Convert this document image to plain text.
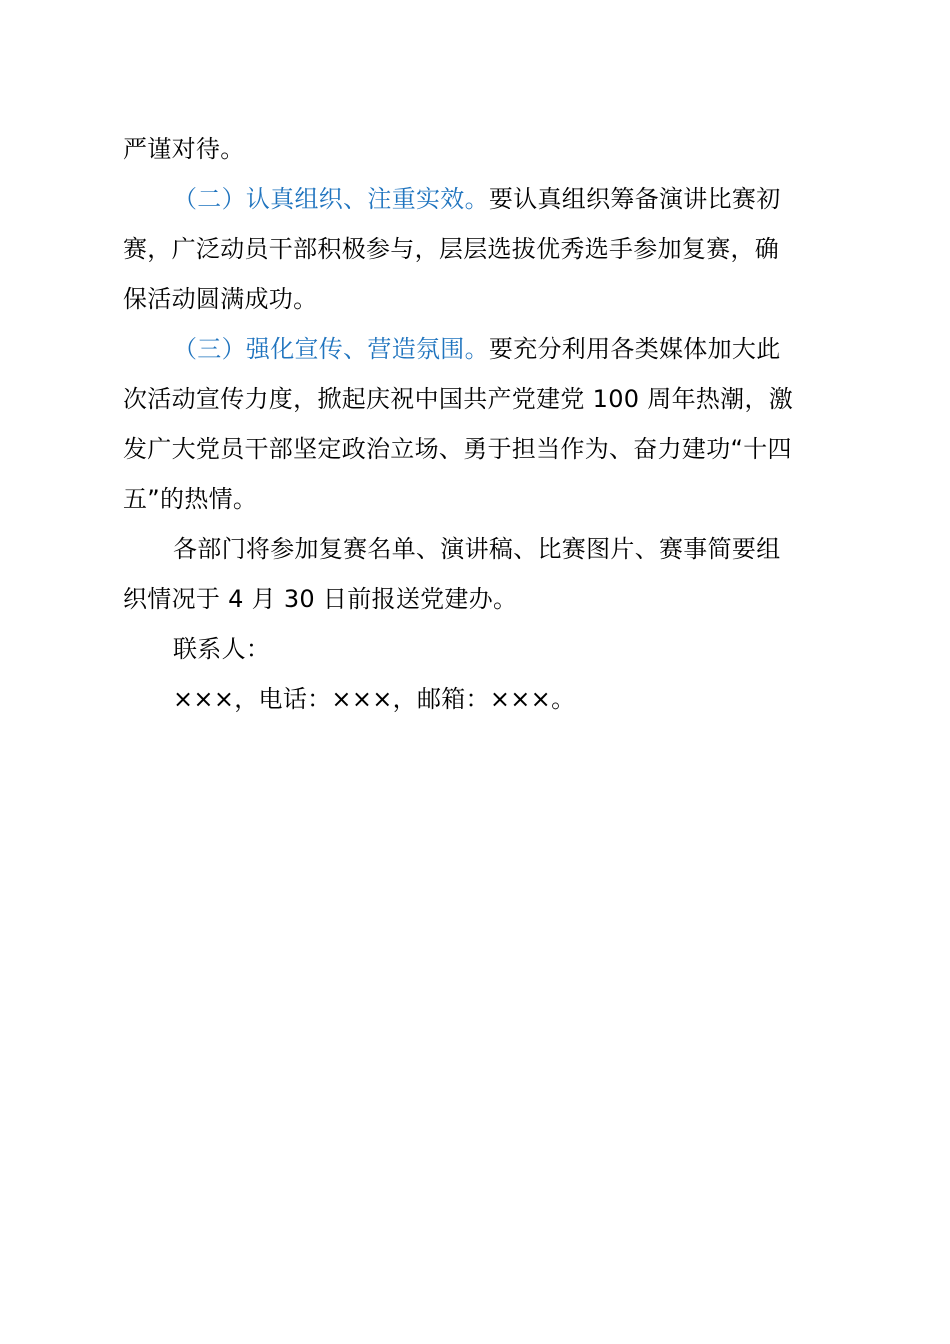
严谨对待。
（二）认真组织、注重实效。要认真组织筹备演讲比赛初
赛，广泛动员干部积极参与，层层选拔优秀选手参加复赛，确
保活动圆满成功。
（三）强化宣传、营造氛围。要充分利用各类媒体加大此
次活动宣传力度，掀起庆祝中国共产党建党 100 周年热潮，激
发广大党员干部坚定政治立场、勇于担当作为、奋力建功“十四
五”的热情。
各部门将参加复赛名单、演讲稿、比赛图片、赛事简要组
织情况于 4 月 30 日前报送党建办。
联系人：
×××，电话：×××，邮箱：×××。
